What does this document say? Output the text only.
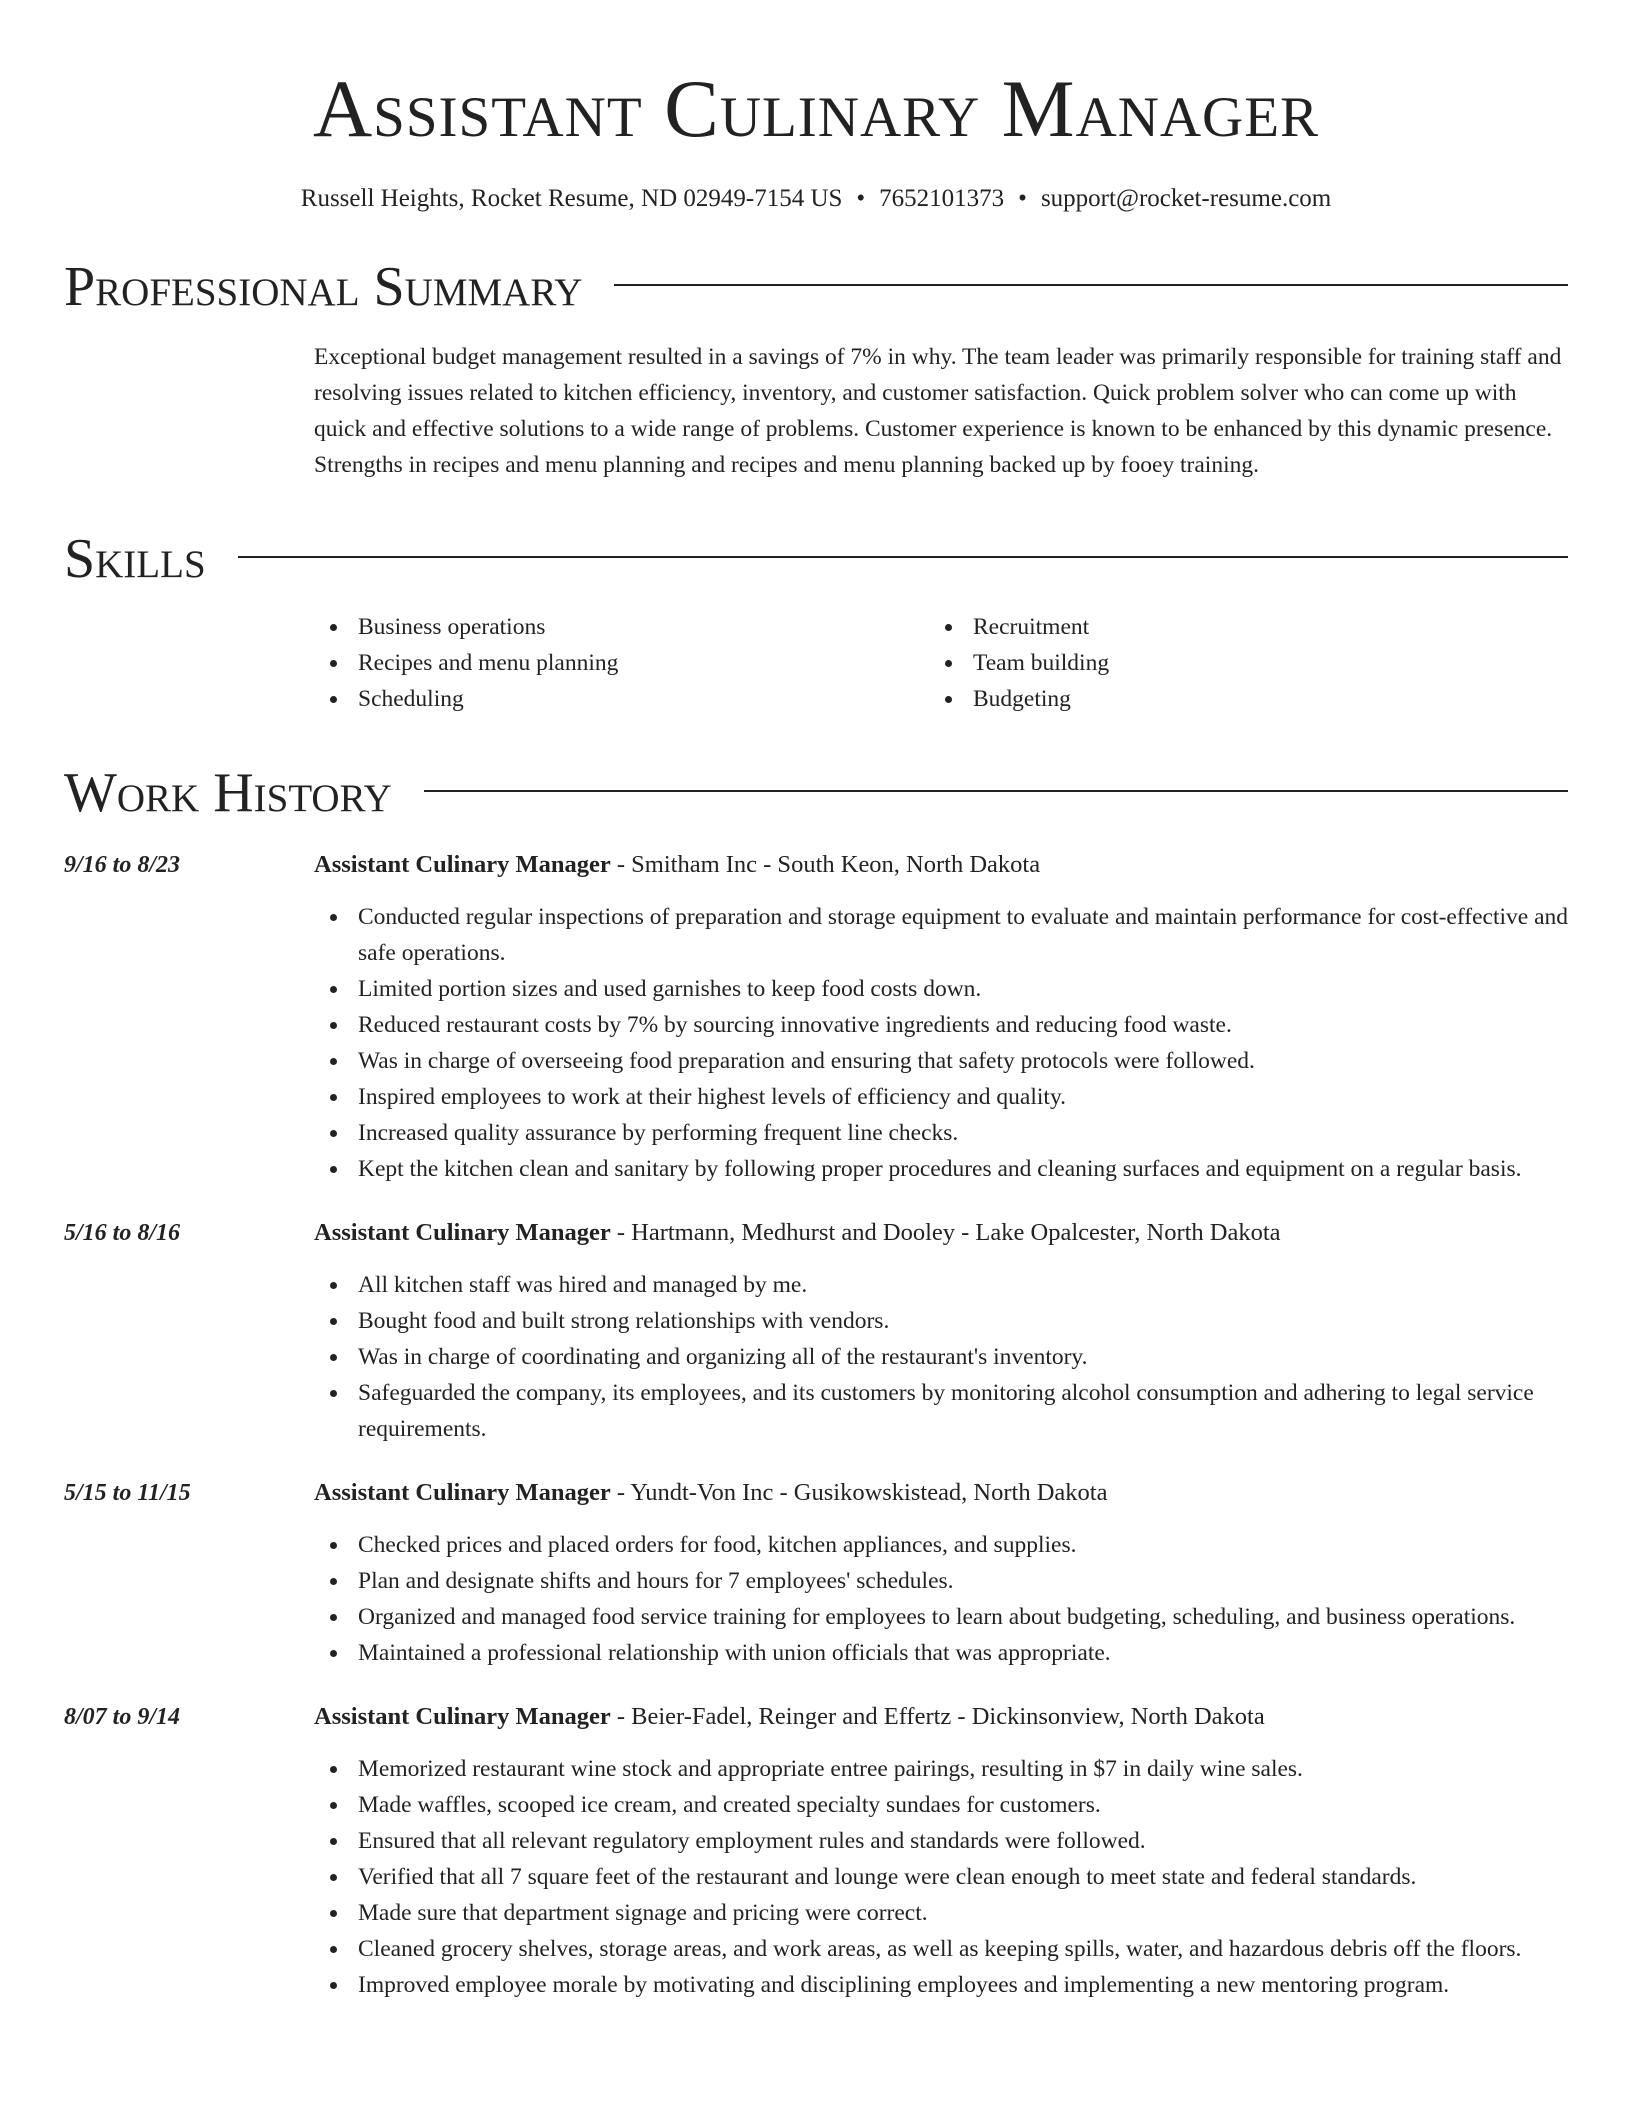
Assistant Culinary Manager
Russell Heights, Rocket Resume, ND 02949-7154 US • 7652101373 • support@rocket-resume.com
Professional Summary
Exceptional budget management resulted in a savings of 7% in why. The team leader was primarily responsible for training staff and resolving issues related to kitchen efficiency, inventory, and customer satisfaction. Quick problem solver who can come up with quick and effective solutions to a wide range of problems. Customer experience is known to be enhanced by this dynamic presence. Strengths in recipes and menu planning and recipes and menu planning backed up by fooey training.
Skills
Business operations
Recipes and menu planning
Scheduling
Recruitment
Team building
Budgeting
Work History
9/16 to 8/23	Assistant Culinary Manager - Smitham Inc - South Keon, North Dakota
Conducted regular inspections of preparation and storage equipment to evaluate and maintain performance for cost-effective and safe operations.
Limited portion sizes and used garnishes to keep food costs down.
Reduced restaurant costs by 7% by sourcing innovative ingredients and reducing food waste.
Was in charge of overseeing food preparation and ensuring that safety protocols were followed.
Inspired employees to work at their highest levels of efficiency and quality.
Increased quality assurance by performing frequent line checks.
Kept the kitchen clean and sanitary by following proper procedures and cleaning surfaces and equipment on a regular basis.
5/16 to 8/16	Assistant Culinary Manager - Hartmann, Medhurst and Dooley - Lake Opalcester, North Dakota
All kitchen staff was hired and managed by me.
Bought food and built strong relationships with vendors.
Was in charge of coordinating and organizing all of the restaurant's inventory.
Safeguarded the company, its employees, and its customers by monitoring alcohol consumption and adhering to legal service requirements.
5/15 to 11/15	Assistant Culinary Manager - Yundt-Von Inc - Gusikowskistead, North Dakota
Checked prices and placed orders for food, kitchen appliances, and supplies.
Plan and designate shifts and hours for 7 employees' schedules.
Organized and managed food service training for employees to learn about budgeting, scheduling, and business operations.
Maintained a professional relationship with union officials that was appropriate.
8/07 to 9/14	Assistant Culinary Manager - Beier-Fadel, Reinger and Effertz - Dickinsonview, North Dakota
Memorized restaurant wine stock and appropriate entree pairings, resulting in $7 in daily wine sales.
Made waffles, scooped ice cream, and created specialty sundaes for customers.
Ensured that all relevant regulatory employment rules and standards were followed.
Verified that all 7 square feet of the restaurant and lounge were clean enough to meet state and federal standards.
Made sure that department signage and pricing were correct.
Cleaned grocery shelves, storage areas, and work areas, as well as keeping spills, water, and hazardous debris off the floors.
Improved employee morale by motivating and disciplining employees and implementing a new mentoring program.
